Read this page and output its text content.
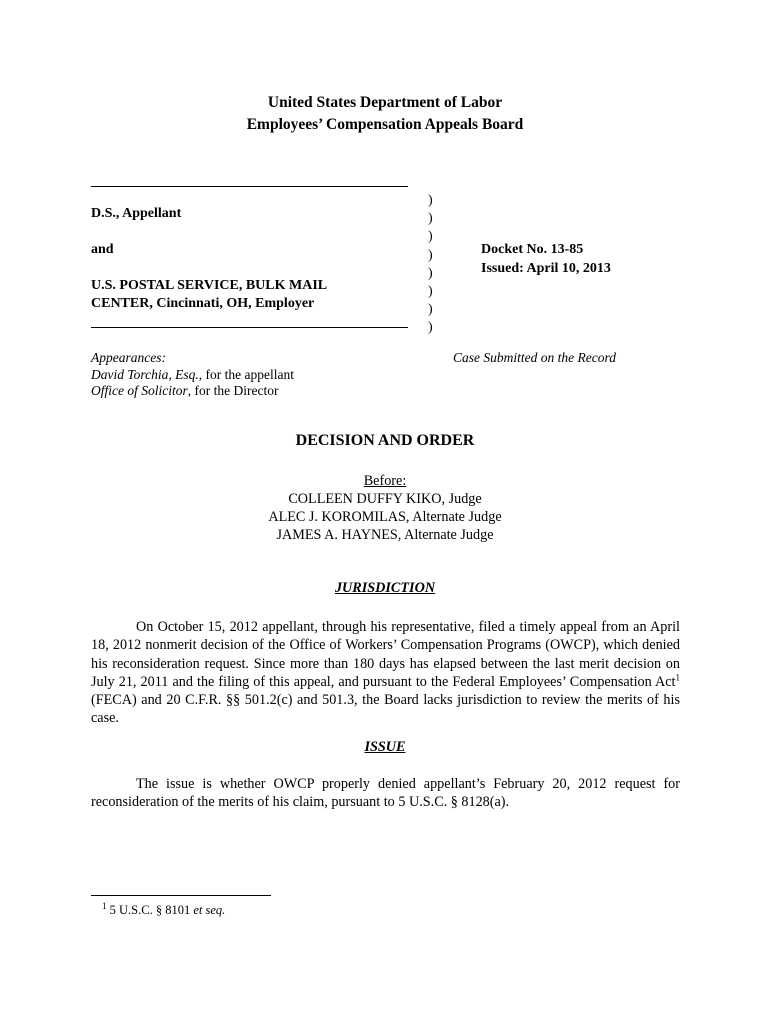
United States Department of Labor
Employees’ Compensation Appeals Board
D.S., Appellant
and
U.S. POSTAL SERVICE, BULK MAIL
CENTER, Cincinnati, OH, Employer
)
)
)
)
)
)
)
)
Docket No. 13-85
Issued: April 10, 2013
Appearances:
David Torchia, Esq., for the appellant
Office of Solicitor, for the Director
Case Submitted on the Record
DECISION AND ORDER
Before:
COLLEEN DUFFY KIKO, Judge
ALEC J. KOROMILAS, Alternate Judge
JAMES A. HAYNES, Alternate Judge
JURISDICTION
On October 15, 2012 appellant, through his representative, filed a timely appeal from an April 18, 2012 nonmerit decision of the Office of Workers’ Compensation Programs (OWCP), which denied his reconsideration request. Since more than 180 days has elapsed between the last merit decision on July 21, 2011 and the filing of this appeal, and pursuant to the Federal Employees’ Compensation Act$^1$ (FECA) and 20 C.F.R. §§ 501.2(c) and 501.3, the Board lacks jurisdiction to review the merits of his case.
ISSUE
The issue is whether OWCP properly denied appellant’s February 20, 2012 request for reconsideration of the merits of his claim, pursuant to 5 U.S.C. § 8128(a).
$^1$ 5 U.S.C. § 8101 et seq.
